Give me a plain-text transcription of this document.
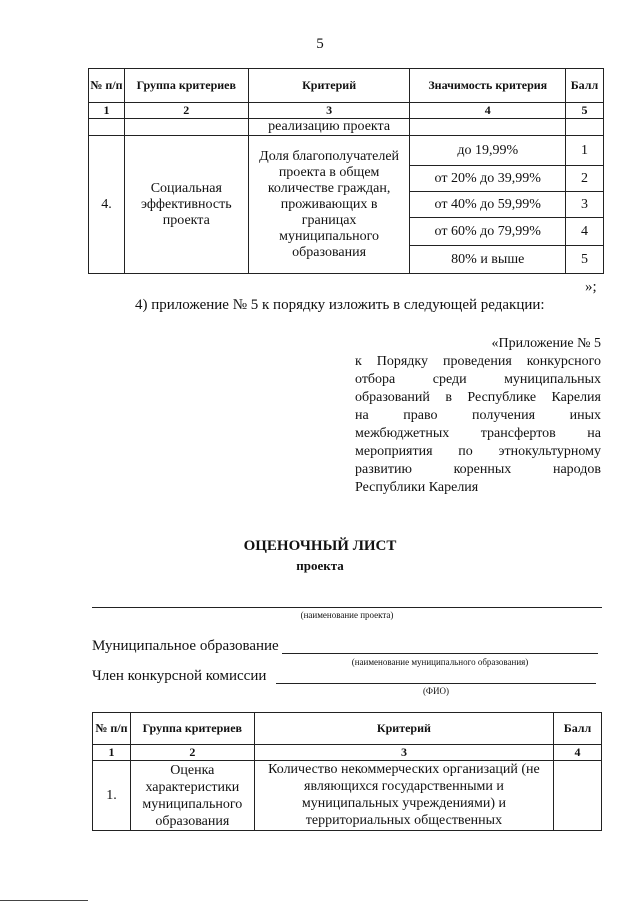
5
№ п/п	Группа критериев	Критерий	Значимость критерия	Балл
1	2	3	4	5
		реализацию проекта		
4.	Социальная эффективность проекта	Доля благополучателей проекта в общем количестве граждан, проживающих в границах муниципального образования	до 19,99%	1
			от 20% до 39,99%	2
			от 40% до 59,99%	3
			от 60% до 79,99%	4
			80% и выше	5
»;
4) приложение № 5 к порядку изложить в следующей редакции:
«Приложение № 5
к Порядку проведения конкурсного
отбора среди муниципальных
образований в Республике Карелия
на право получения иных
межбюджетных трансфертов на
мероприятия по этнокультурному
развитию коренных народов
Республики Карелия
ОЦЕНОЧНЫЙ ЛИСТ
проекта
(наименование проекта)
Муниципальное образование
(наименование муниципального образования)
Член конкурсной комиссии
(ФИО)
№ п/п	Группа критериев	Критерий	Балл
1	2	3	4
1.	Оценка характеристики муниципального образования	Количество некоммерческих организаций (не являющихся государственными и муниципальных учреждениями) и территориальных общественных	
